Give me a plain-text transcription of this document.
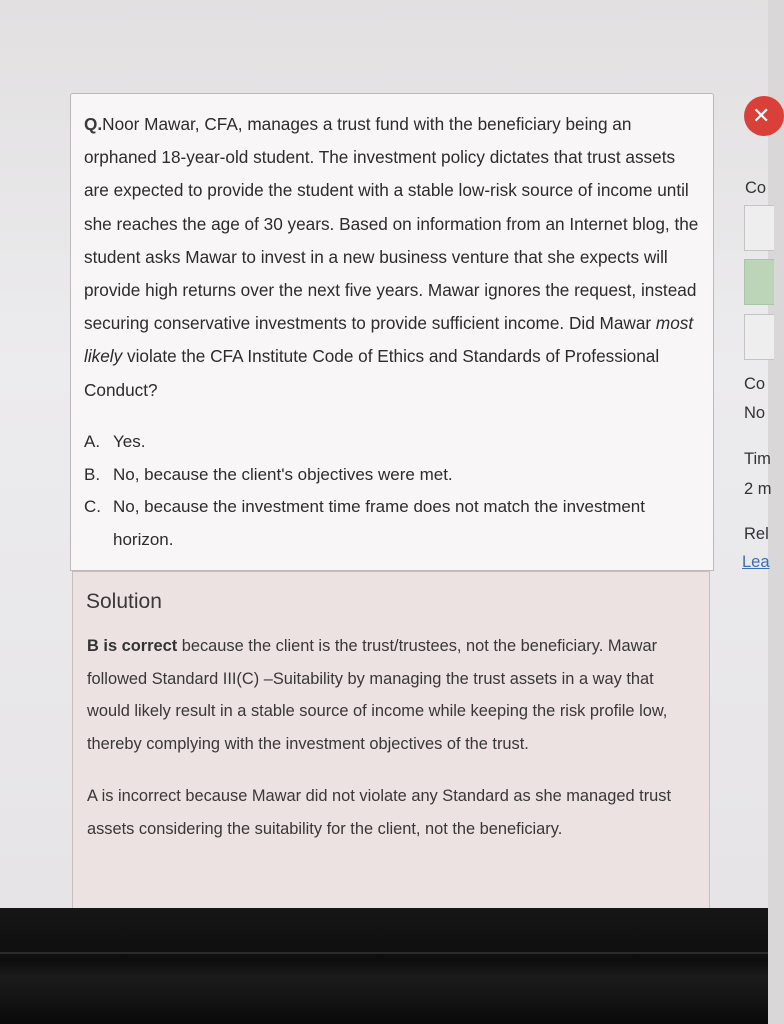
Q.Noor Mawar, CFA, manages a trust fund with the beneficiary being an orphaned 18-year-old student. The investment policy dictates that trust assets are expected to provide the student with a stable low-risk source of income until she reaches the age of 30 years. Based on information from an Internet blog, the student asks Mawar to invest in a new business venture that she expects will provide high returns over the next five years. Mawar ignores the request, instead securing conservative investments to provide sufficient income. Did Mawar most likely violate the CFA Institute Code of Ethics and Standards of Professional Conduct?
A. Yes.
B. No, because the client's objectives were met.
C. No, because the investment time frame does not match the investment horizon.
Solution

B is correct because the client is the trust/trustees, not the beneficiary. Mawar followed Standard III(C) –Suitability by managing the trust assets in a way that would likely result in a stable source of income while keeping the risk profile low, thereby complying with the investment objectives of the trust.

A is incorrect because Mawar did not violate any Standard as she managed trust assets considering the suitability for the client, not the beneficiary.

✕
Co
Co
No
Tim
2 m
Rel
Lea
